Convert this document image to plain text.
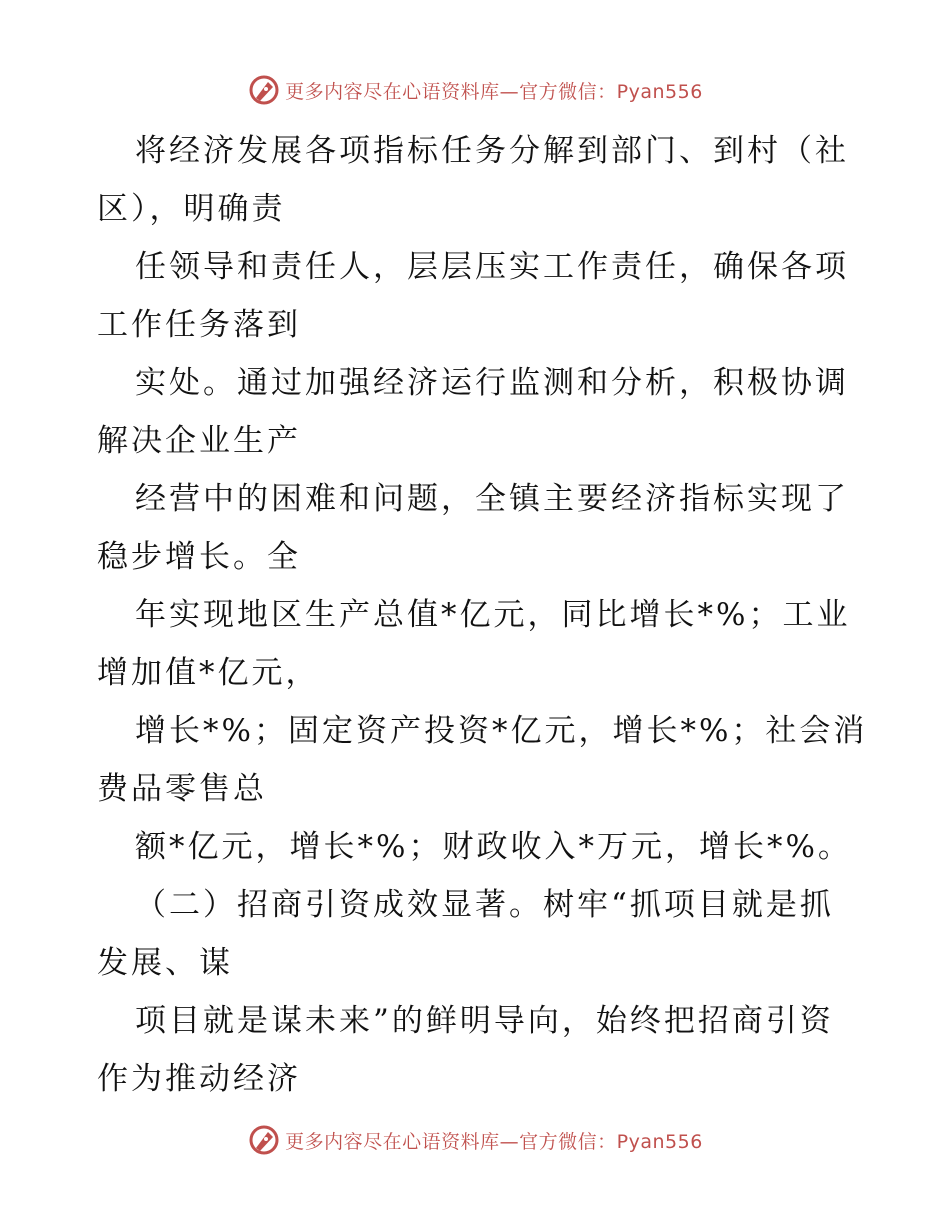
更多内容尽在心语资料库—官方微信：Pyan556
将经济发展各项指标任务分解到部门、到村（社
区），明确责
任领导和责任人，层层压实工作责任，确保各项
工作任务落到
实处。通过加强经济运行监测和分析，积极协调
解决企业生产
经营中的困难和问题，全镇主要经济指标实现了
稳步增长。全
年实现地区生产总值*亿元，同比增长*%；工业
增加值*亿元，
增长*%；固定资产投资*亿元，增长*%；社会消
费品零售总
额*亿元，增长*%；财政收入*万元，增长*%。
（二）招商引资成效显著。树牢“抓项目就是抓
发展、谋
项目就是谋未来”的鲜明导向，始终把招商引资
作为推动经济
更多内容尽在心语资料库—官方微信：Pyan556
